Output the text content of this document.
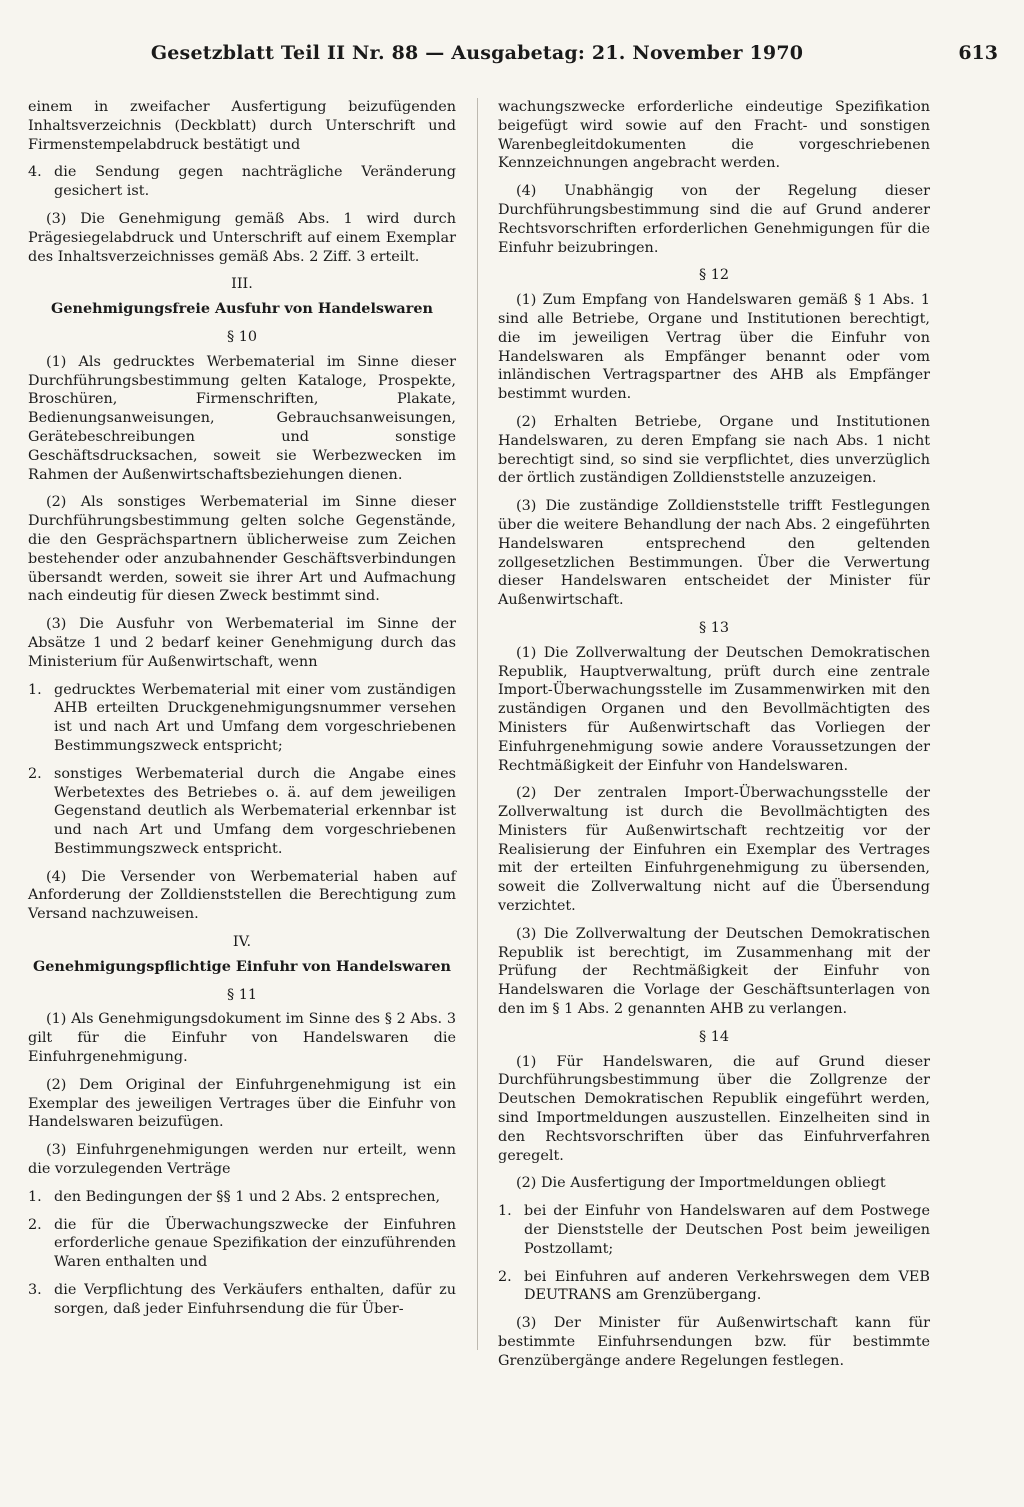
Gesetzblatt Teil II Nr. 88 — Ausgabetag: 21. November 1970	613

einem in zweifacher Ausfertigung beizufügenden Inhaltsverzeichnis (Deckblatt) durch Unterschrift und Firmenstempelabdruck bestätigt und

4. die Sendung gegen nachträgliche Veränderung gesichert ist.

(3) Die Genehmigung gemäß Abs. 1 wird durch Prägesiegelabdruck und Unterschrift auf einem Exemplar des Inhaltsverzeichnisses gemäß Abs. 2 Ziff. 3 erteilt.

III.
Genehmigungsfreie Ausfuhr von Handelswaren
§ 10

(1) Als gedrucktes Werbematerial im Sinne dieser Durchführungsbestimmung gelten Kataloge, Prospekte, Broschüren, Firmenschriften, Plakate, Bedienungsanweisungen, Gebrauchsanweisungen, Gerätebeschreibungen und sonstige Geschäftsdrucksachen, soweit sie Werbezwecken im Rahmen der Außenwirtschaftsbeziehungen dienen.

(2) Als sonstiges Werbematerial im Sinne dieser Durchführungsbestimmung gelten solche Gegenstände, die den Gesprächspartnern üblicherweise zum Zeichen bestehender oder anzubahnender Geschäftsverbindungen übersandt werden, soweit sie ihrer Art und Aufmachung nach eindeutig für diesen Zweck bestimmt sind.

(3) Die Ausfuhr von Werbematerial im Sinne der Absätze 1 und 2 bedarf keiner Genehmigung durch das Ministerium für Außenwirtschaft, wenn

1. gedrucktes Werbematerial mit einer vom zuständigen AHB erteilten Druckgenehmigungsnummer versehen ist und nach Art und Umfang dem vorgeschriebenen Bestimmungszweck entspricht;
2. sonstiges Werbematerial durch die Angabe eines Werbetextes des Betriebes o. ä. auf dem jeweiligen Gegenstand deutlich als Werbematerial erkennbar ist und nach Art und Umfang dem vorgeschriebenen Bestimmungszweck entspricht.

(4) Die Versender von Werbematerial haben auf Anforderung der Zolldienststellen die Berechtigung zum Versand nachzuweisen.

IV.
Genehmigungspflichtige Einfuhr von Handelswaren
§ 11

(1) Als Genehmigungsdokument im Sinne des § 2 Abs. 3 gilt für die Einfuhr von Handelswaren die Einfuhrgenehmigung.

(2) Dem Original der Einfuhrgenehmigung ist ein Exemplar des jeweiligen Vertrages über die Einfuhr von Handelswaren beizufügen.

(3) Einfuhrgenehmigungen werden nur erteilt, wenn die vorzulegenden Verträge

1. den Bedingungen der §§ 1 und 2 Abs. 2 entsprechen,
2. die für die Überwachungszwecke der Einfuhren erforderliche genaue Spezifikation der einzuführenden Waren enthalten und
3. die Verpflichtung des Verkäufers enthalten, dafür zu sorgen, daß jeder Einfuhrsendung die für Über-

wachungszwecke erforderliche eindeutige Spezifikation beigefügt wird sowie auf den Fracht- und sonstigen Warenbegleitdokumenten die vorgeschriebenen Kennzeichnungen angebracht werden.

(4) Unabhängig von der Regelung dieser Durchführungsbestimmung sind die auf Grund anderer Rechtsvorschriften erforderlichen Genehmigungen für die Einfuhr beizubringen.

§ 12

(1) Zum Empfang von Handelswaren gemäß § 1 Abs. 1 sind alle Betriebe, Organe und Institutionen berechtigt, die im jeweiligen Vertrag über die Einfuhr von Handelswaren als Empfänger benannt oder vom inländischen Vertragspartner des AHB als Empfänger bestimmt wurden.

(2) Erhalten Betriebe, Organe und Institutionen Handelswaren, zu deren Empfang sie nach Abs. 1 nicht berechtigt sind, so sind sie verpflichtet, dies unverzüglich der örtlich zuständigen Zolldienststelle anzuzeigen.

(3) Die zuständige Zolldienststelle trifft Festlegungen über die weitere Behandlung der nach Abs. 2 eingeführten Handelswaren entsprechend den geltenden zollgesetzlichen Bestimmungen. Über die Verwertung dieser Handelswaren entscheidet der Minister für Außenwirtschaft.

§ 13

(1) Die Zollverwaltung der Deutschen Demokratischen Republik, Hauptverwaltung, prüft durch eine zentrale Import-Überwachungsstelle im Zusammenwirken mit den zuständigen Organen und den Bevollmächtigten des Ministers für Außenwirtschaft das Vorliegen der Einfuhrgenehmigung sowie andere Voraussetzungen der Rechtmäßigkeit der Einfuhr von Handelswaren.

(2) Der zentralen Import-Überwachungsstelle der Zollverwaltung ist durch die Bevollmächtigten des Ministers für Außenwirtschaft rechtzeitig vor der Realisierung der Einfuhren ein Exemplar des Vertrages mit der erteilten Einfuhrgenehmigung zu übersenden, soweit die Zollverwaltung nicht auf die Übersendung verzichtet.

(3) Die Zollverwaltung der Deutschen Demokratischen Republik ist berechtigt, im Zusammenhang mit der Prüfung der Rechtmäßigkeit der Einfuhr von Handelswaren die Vorlage der Geschäftsunterlagen von den im § 1 Abs. 2 genannten AHB zu verlangen.

§ 14

(1) Für Handelswaren, die auf Grund dieser Durchführungsbestimmung über die Zollgrenze der Deutschen Demokratischen Republik eingeführt werden, sind Importmeldungen auszustellen. Einzelheiten sind in den Rechtsvorschriften über das Einfuhrverfahren geregelt.

(2) Die Ausfertigung der Importmeldungen obliegt

1. bei der Einfuhr von Handelswaren auf dem Postwege der Dienststelle der Deutschen Post beim jeweiligen Postzollamt;
2. bei Einfuhren auf anderen Verkehrswegen dem VEB DEUTRANS am Grenzübergang.

(3) Der Minister für Außenwirtschaft kann für bestimmte Einfuhrsendungen bzw. für bestimmte Grenzübergänge andere Regelungen festlegen.
